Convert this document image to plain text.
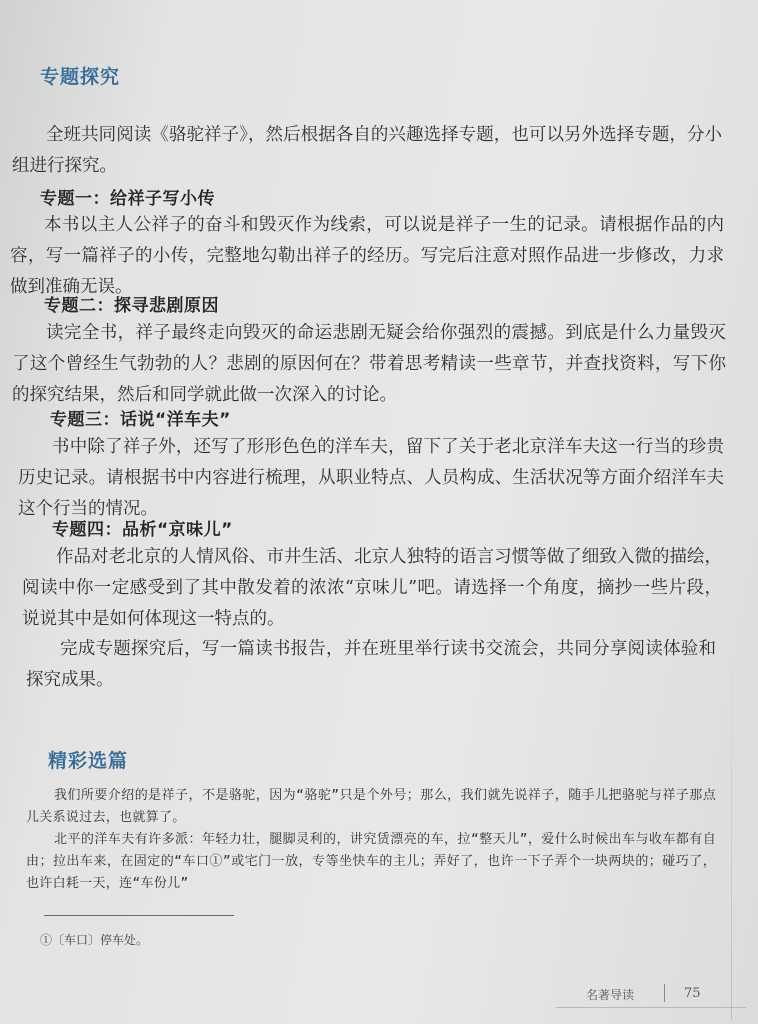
专题探究
全班共同阅读《骆驼祥子》，然后根据各自的兴趣选择专题，也可以另外选择专题，分小组进行探究。
专题一：给祥子写小传
本书以主人公祥子的奋斗和毁灭作为线索，可以说是祥子一生的记录。请根据作品的内容，写一篇祥子的小传，完整地勾勒出祥子的经历。写完后注意对照作品进一步修改，力求做到准确无误。
专题二：探寻悲剧原因
读完全书，祥子最终走向毁灭的命运悲剧无疑会给你强烈的震撼。到底是什么力量毁灭了这个曾经生气勃勃的人？悲剧的原因何在？带着思考精读一些章节，并查找资料，写下你的探究结果，然后和同学就此做一次深入的讨论。
专题三：话说“洋车夫”
书中除了祥子外，还写了形形色色的洋车夫，留下了关于老北京洋车夫这一行当的珍贵历史记录。请根据书中内容进行梳理，从职业特点、人员构成、生活状况等方面介绍洋车夫这个行当的情况。
专题四：品析“京味儿”
作品对老北京的人情风俗、市井生活、北京人独特的语言习惯等做了细致入微的描绘，阅读中你一定感受到了其中散发着的浓浓“京味儿”吧。请选择一个角度，摘抄一些片段，说说其中是如何体现这一特点的。
完成专题探究后，写一篇读书报告，并在班里举行读书交流会，共同分享阅读体验和探究成果。
精彩选篇

我们所要介绍的是祥子，不是骆驼，因为“骆驼”只是个外号；那么，我们就先说祥子，随手儿把骆驼与祥子那点儿关系说过去，也就算了。

北平的洋车夫有许多派：年轻力壮，腿脚灵利的，讲究赁漂亮的车，拉“整天儿”，爱什么时候出车与收车都有自由；拉出车来，在固定的“车口①”或宅门一放，专等坐快车的主儿；弄好了，也许一下子弄个一块两块的；碰巧了，也许白耗一天，连“车份儿”

①〔车口〕停车处。
名著导读	75
